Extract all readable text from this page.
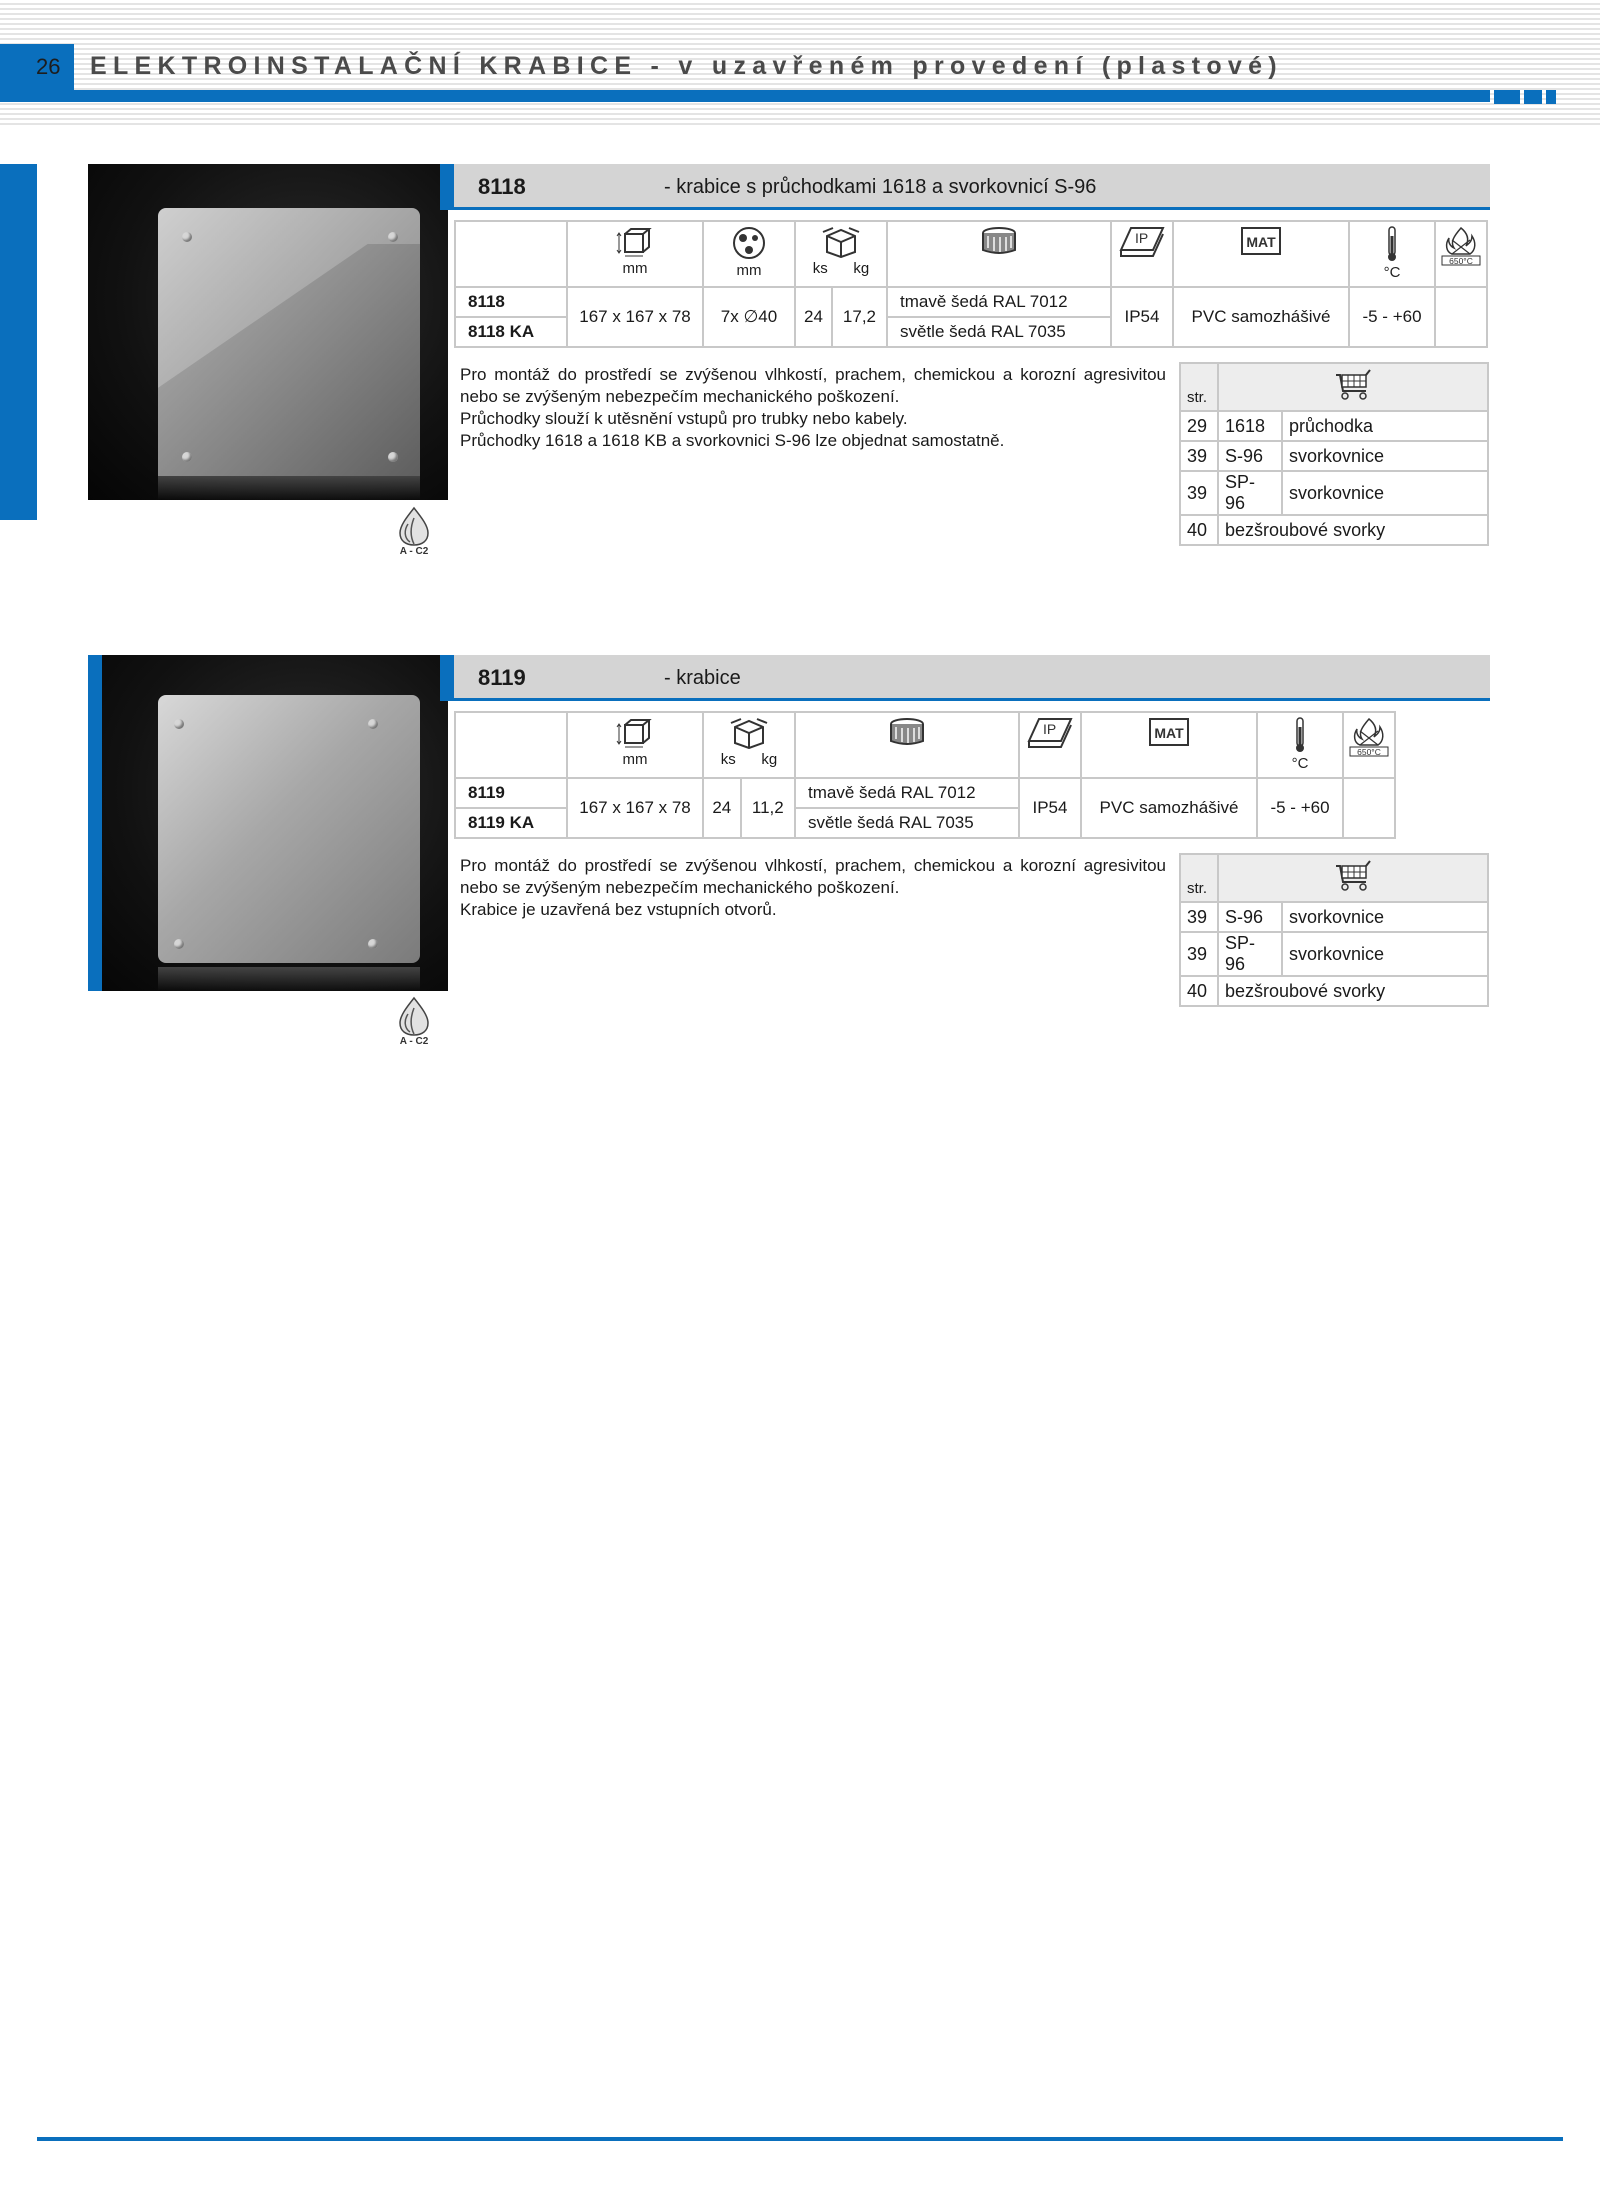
26 ELEKTROINSTALAČNÍ KRABICE - v uzavřeném provedení (plastové)
A - C2
8118	- krabice s průchodkami 1618 a svorkovnicí S-96

	mm	mm	ks kg			IP	MAT	°C	650°C

8118	167 x 167 x 78	7x ∅40	24	17,2	tmavě šedá RAL 7012	IP54	PVC samozhášivé	-5 - +60	
8118 KA					světle šedá RAL 7035				

Pro montáž do prostředí se zvýšenou vlhkostí, prachem, chemickou a korozní agresivitou nebo se zvýšeným nebezpečím mechanického poškození.

Průchodky slouží k utěsnění vstupů pro trubky nebo kabely.

Průchodky 1618 a 1618 KB a svorkovnici S-96 lze objednat samostatně.

str.	
29	1618	průchodka
39	S-96	svorkovnice
39	SP-96	svorkovnice
40	bezšroubové svorky	
A - C2
8119	- krabice

	mm	ks kg			IP	MAT	°C	650°C

8119	167 x 167 x 78	24	11,2	tmavě šedá RAL 7012	IP54	PVC samozhášivé	-5 - +60	
8119 KA				světle šedá RAL 7035				

Pro montáž do prostředí se zvýšenou vlhkostí, prachem, chemickou a korozní agresivitou nebo se zvýšeným nebezpečím mechanického poškození.

Krabice je uzavřená bez vstupních otvorů.

str.	
39	S-96	svorkovnice
39	SP-96	svorkovnice
40	bezšroubové svorky	
